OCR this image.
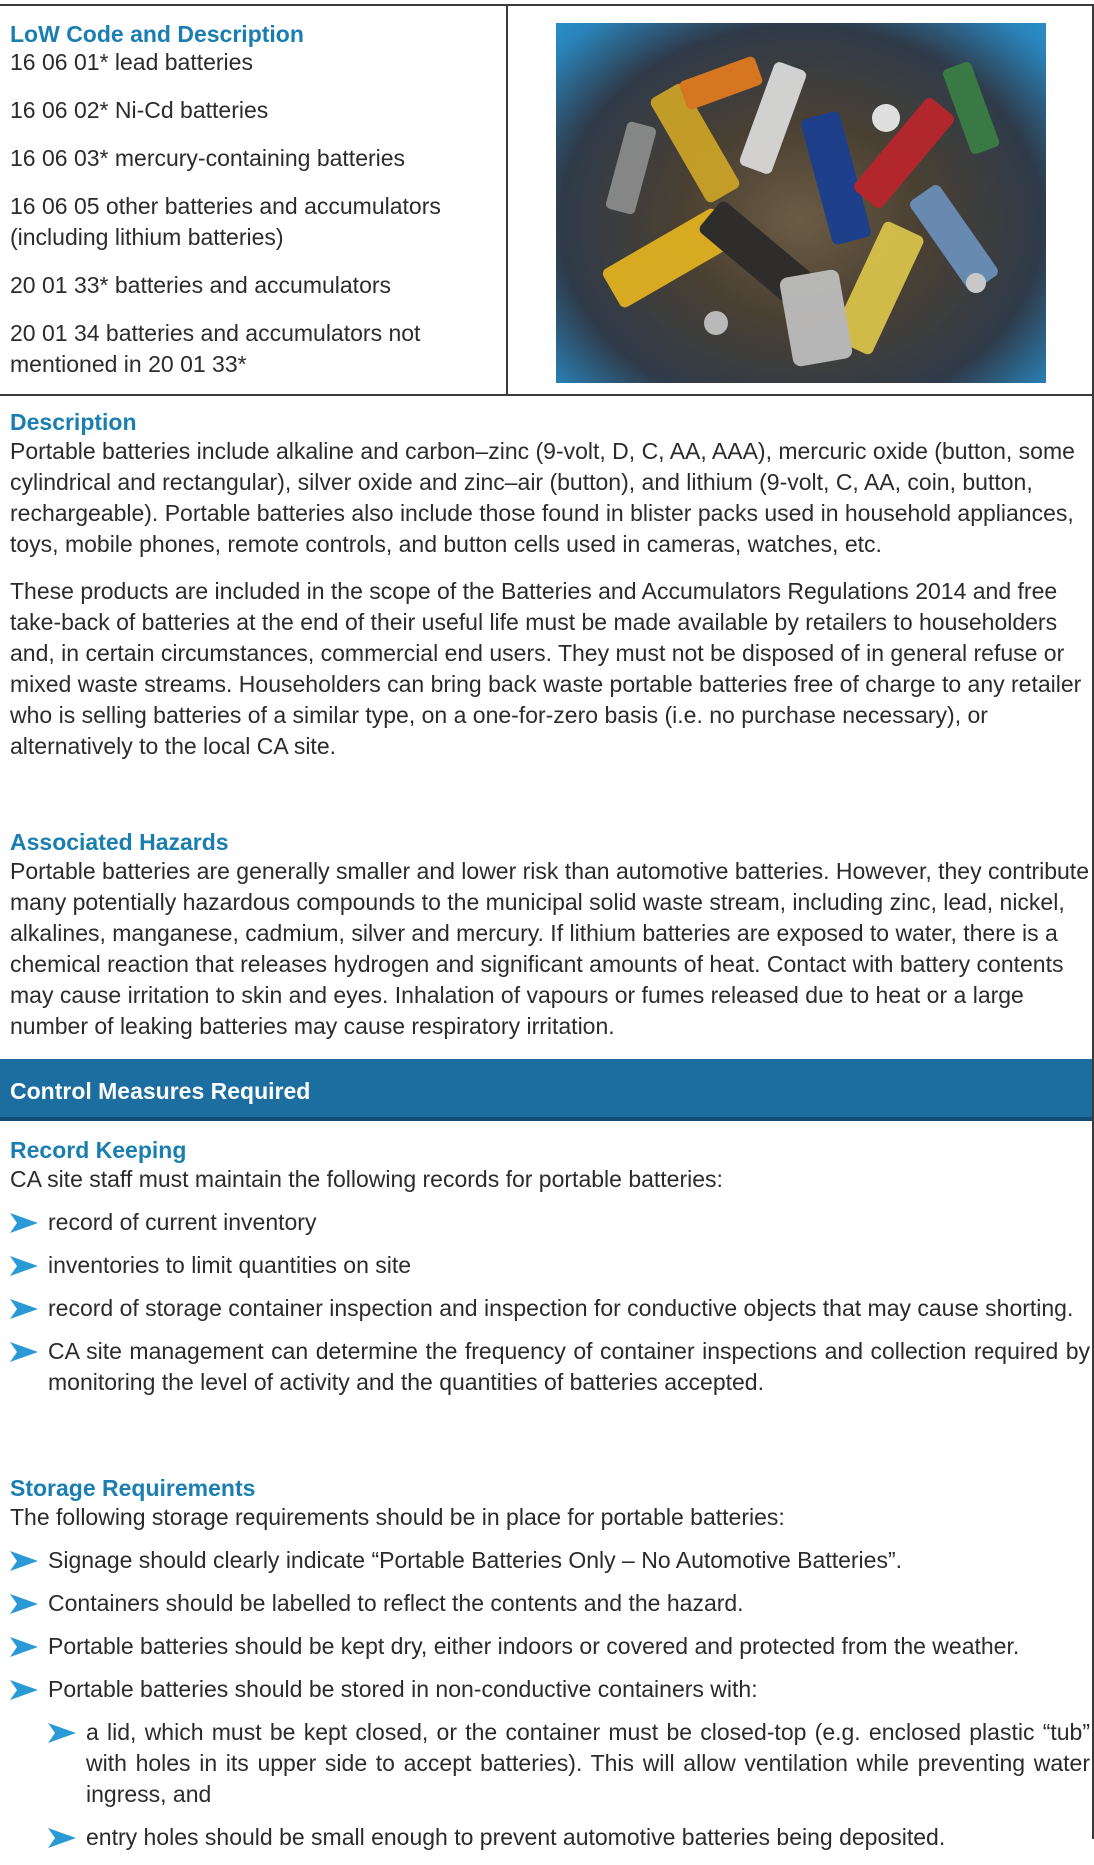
LoW Code and Description
16 06 01* lead batteries
16 06 02* Ni-Cd batteries
16 06 03* mercury-containing batteries
16 06 05 other batteries and accumulators (including lithium batteries)
20 01 33* batteries and accumulators
20 01 34 batteries and accumulators not mentioned in 20 01 33*
Description

Portable batteries include alkaline and carbon–zinc (9-volt, D, C, AA, AAA), mercuric oxide (button, some cylindrical and rectangular), silver oxide and zinc–air (button), and lithium (9-volt, C, AA, coin, button, rechargeable). Portable batteries also include those found in blister packs used in household appliances, toys, mobile phones, remote controls, and button cells used in cameras, watches, etc.

These products are included in the scope of the Batteries and Accumulators Regulations 2014 and free take-back of batteries at the end of their useful life must be made available by retailers to householders and, in certain circumstances, commercial end users. They must not be disposed of in general refuse or mixed waste streams. Householders can bring back waste portable batteries free of charge to any retailer who is selling batteries of a similar type, on a one-for-zero basis (i.e. no purchase necessary), or alternatively to the local CA site.

Associated Hazards

Portable batteries are generally smaller and lower risk than automotive batteries. However, they contribute many potentially hazardous compounds to the municipal solid waste stream, including zinc, lead, nickel, alkalines, manganese, cadmium, silver and mercury. If lithium batteries are exposed to water, there is a chemical reaction that releases hydrogen and significant amounts of heat. Contact with battery contents may cause irritation to skin and eyes. Inhalation of vapours or fumes released due to heat or a large number of leaking batteries may cause respiratory irritation.

Control Measures Required
Record Keeping

CA site staff must maintain the following records for portable batteries:

record of current inventory
inventories to limit quantities on site
record of storage container inspection and inspection for conductive objects that may cause shorting.
CA site management can determine the frequency of container inspections and collection required by monitoring the level of activity and the quantities of batteries accepted.
Storage Requirements

The following storage requirements should be in place for portable batteries:

Signage should clearly indicate “Portable Batteries Only – No Automotive Batteries”.
Containers should be labelled to reflect the contents and the hazard.
Portable batteries should be kept dry, either indoors or covered and protected from the weather.
Portable batteries should be stored in non-conductive containers with:
a lid, which must be kept closed, or the container must be closed-top (e.g. enclosed plastic “tub” with holes in its upper side to accept batteries). This will allow ventilation while preventing water ingress, and
entry holes should be small enough to prevent automotive batteries being deposited.
